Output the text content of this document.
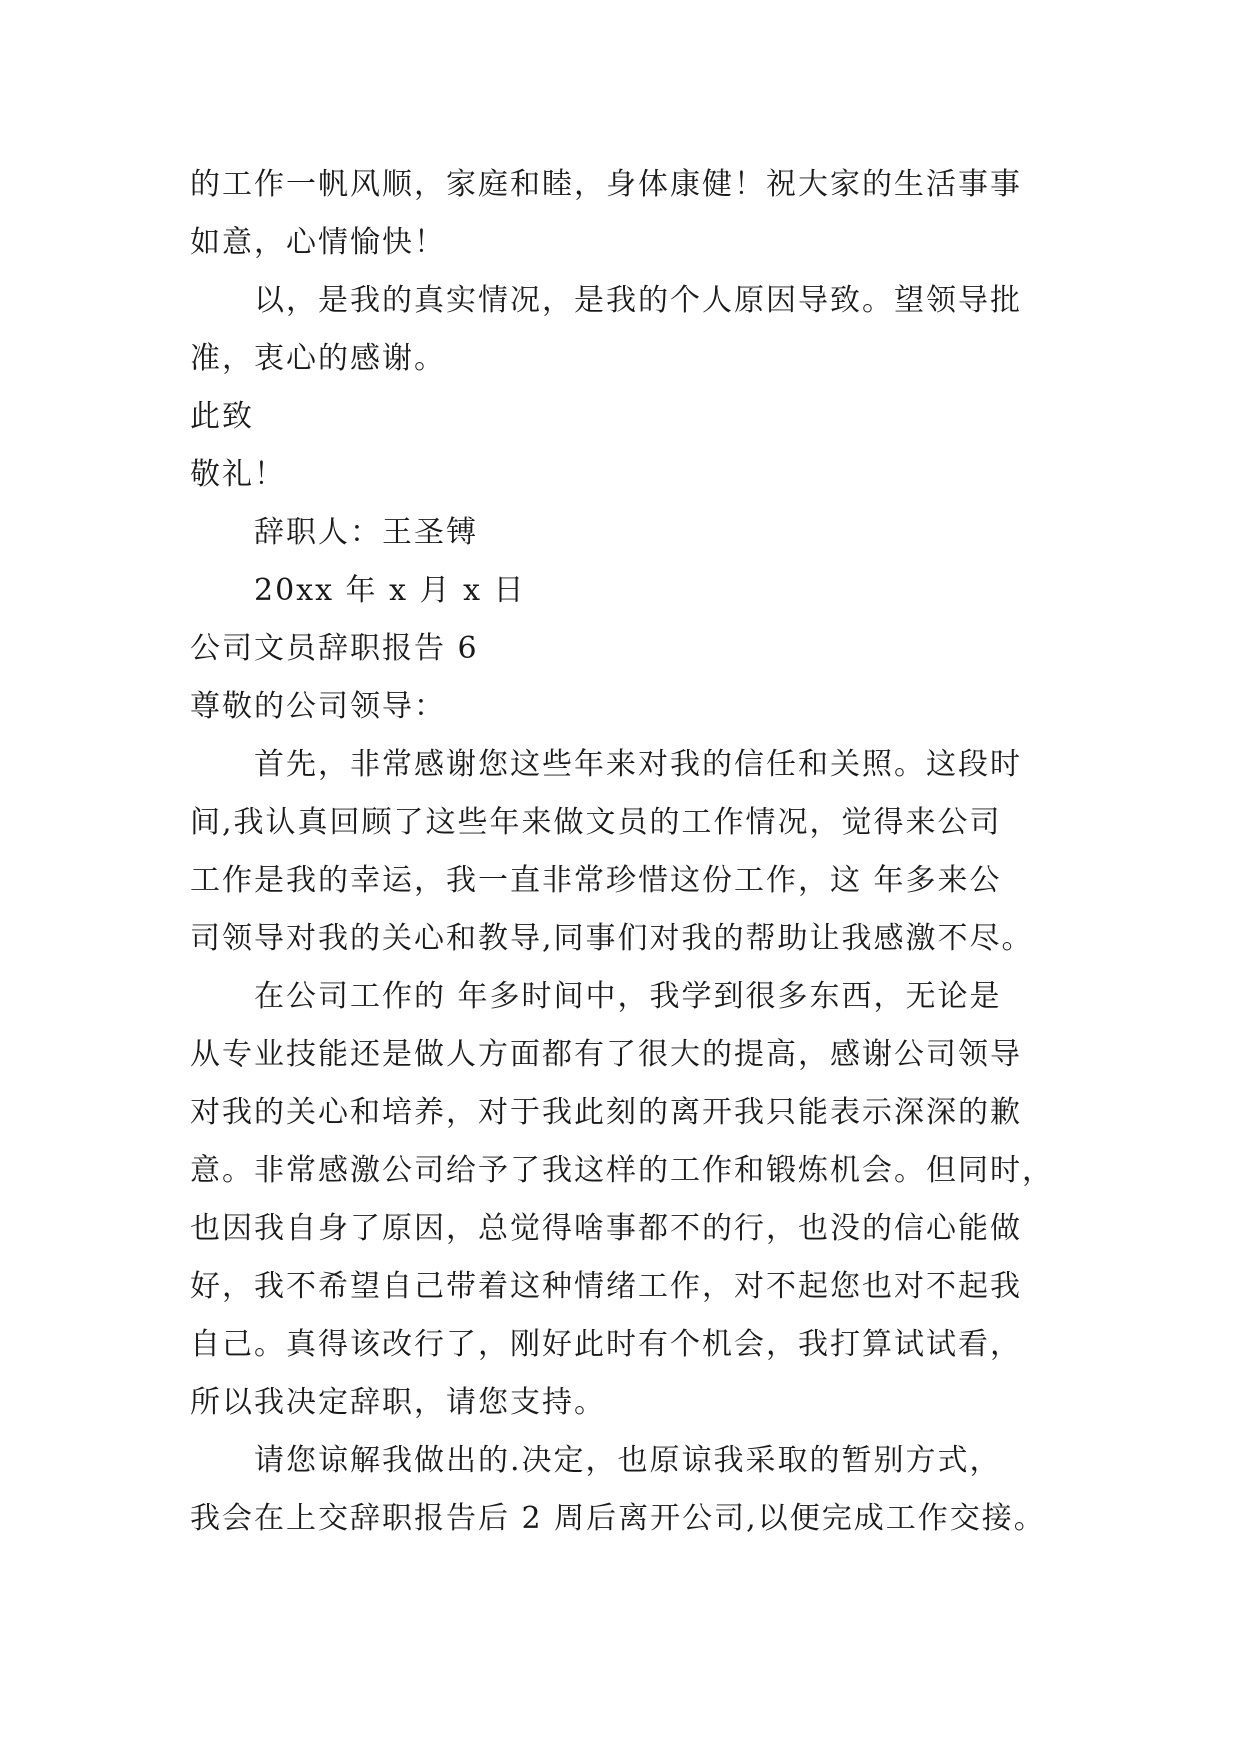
的工作一帆风顺，家庭和睦，身体康健！祝大家的生活事事
如意，心情愉快！
以，是我的真实情况，是我的个人原因导致。望领导批
准，衷心的感谢。
此致
敬礼！
辞职人：王圣镈
20xx 年 x 月 x 日
公司文员辞职报告 6
尊敬的公司领导：
首先，非常感谢您这些年来对我的信任和关照。这段时
间,我认真回顾了这些年来做文员的工作情况，觉得来公司
工作是我的幸运，我一直非常珍惜这份工作，这 年多来公
司领导对我的关心和教导,同事们对我的帮助让我感激不尽。
在公司工作的 年多时间中，我学到很多东西，无论是
从专业技能还是做人方面都有了很大的提高，感谢公司领导
对我的关心和培养，对于我此刻的离开我只能表示深深的歉
意。非常感激公司给予了我这样的工作和锻炼机会。但同时，
也因我自身了原因，总觉得啥事都不的行，也没的信心能做
好，我不希望自己带着这种情绪工作，对不起您也对不起我
自己。真得该改行了，刚好此时有个机会，我打算试试看，
所以我决定辞职，请您支持。
请您谅解我做出的.决定，也原谅我采取的暂别方式，
我会在上交辞职报告后 2 周后离开公司,以便完成工作交接。
